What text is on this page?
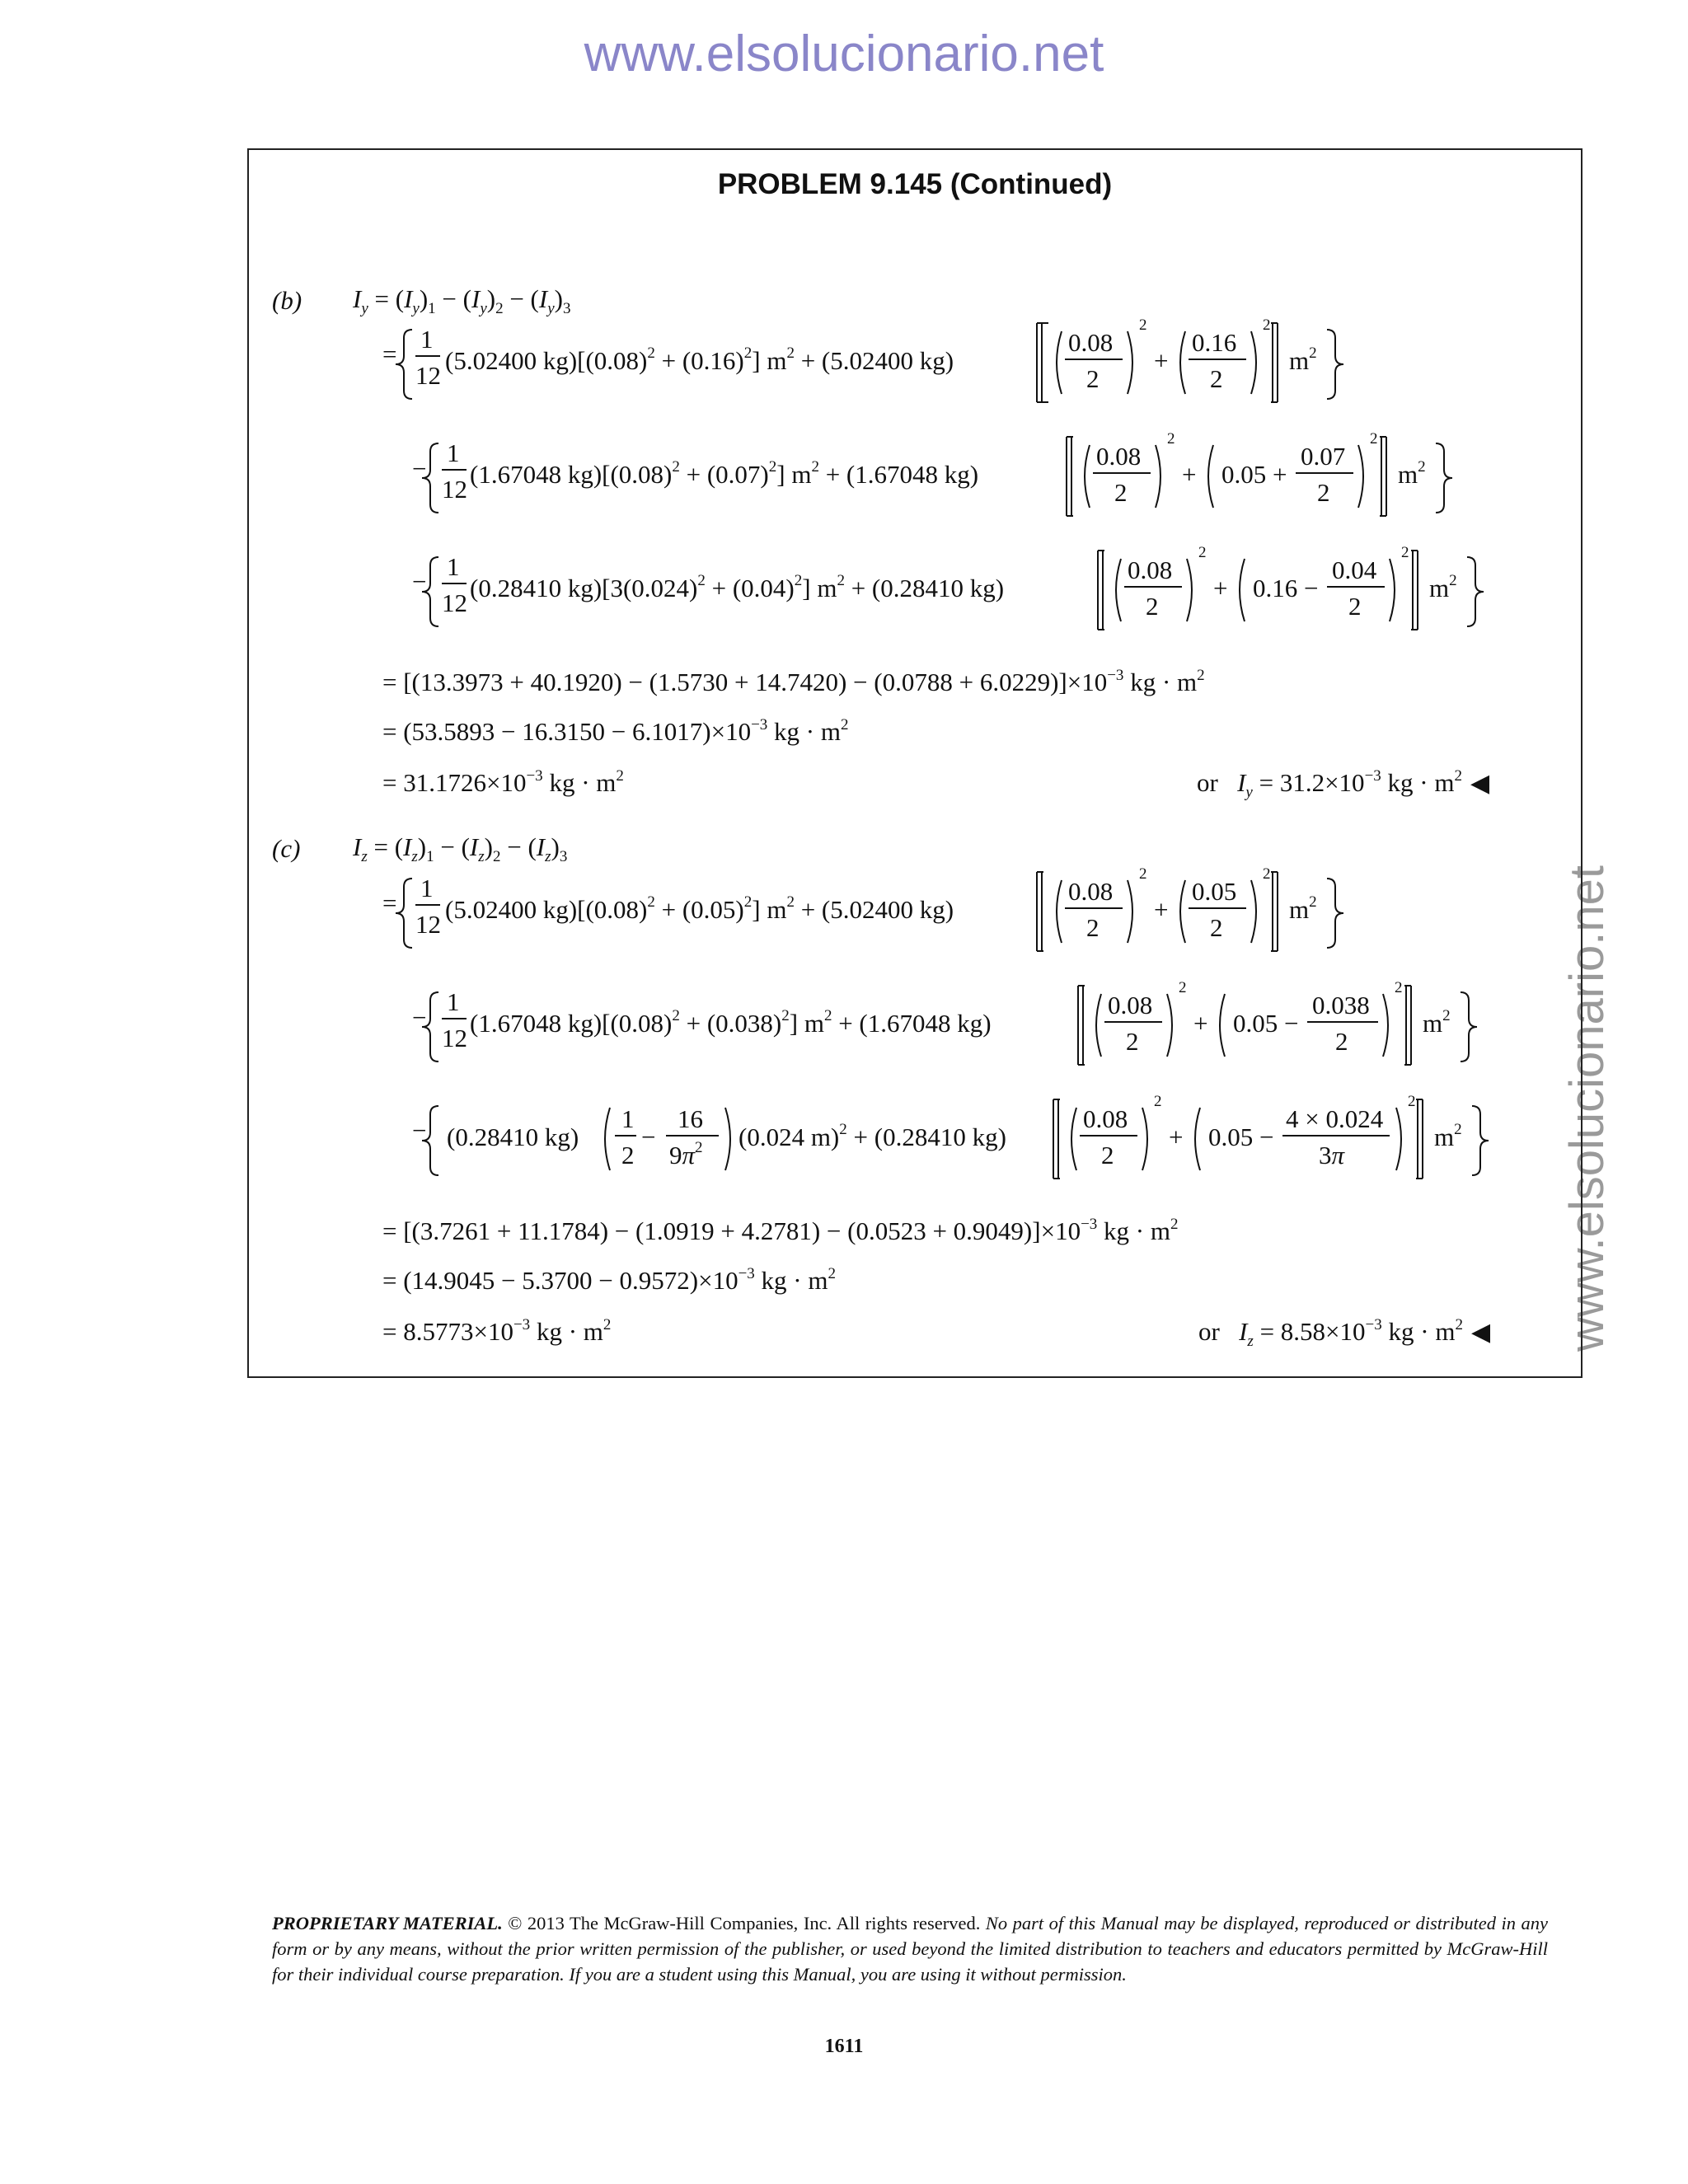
www.elsolucionario.net
www.elsolucionario.net
PROBLEM 9.145 (Continued)
(b) $I_y = (I_y)_1 - (I_y)_2 - (I_y)_3$
=
1
12
(5.02400 $kg)[(0.08)^2 + (0.16)^2] m^2 + (5.02400$ kg)
0.08
2
2
+
0.16
2
2
$m^2$
−
1
12
(1.67048 $kg)[(0.08)^2 + (0.07)^2] m^2 + (1.67048$ kg)
0.08
2
2
+ 0.05 +
0.07
2
2
$m^2$
−
1
12
(0.28410 $kg)[3(0.024)^2 + (0.04)^2] m^2 + (0.28410$ kg)
0.08
2
2
+ 0.16 −
0.04
2
2
$m^2$
= $[(13.3973 + 40.1920) - (1.5730 + 14.7420) - (0.0788 + 6.0229)]\times 10^{-3}$ kg · $m^2$
= $(53.5893 - 16.3150 - 6.1017)\times 10^{-3}$ kg · $m^2$
= $31.1726\times 10^{-3}$ kg · $m^2$	or $I_y = 31.2\times 10^{-3}$ kg · $m^2$ ◀
(c) $I_z = (I_z)_1 - (I_z)_2 - (I_z)_3$
=
1
12
(5.02400 $kg)[(0.08)^2 + (0.05)^2] m^2 + (5.02400$ kg)
0.08
2
2
+
0.05
2
2
$m^2$
−
1
12
(1.67048 $kg)[(0.08)^2 + (0.038)^2] m^2 + (1.67048$ kg)
0.08
2
2
+ 0.05 −
0.038
2
2
$m^2$
− (0.28410 kg)
1
2
−
16
$9\pi^2$ (0.024 m)$^2$ + (0.28410 kg)
0.08
2
2
+ 0.05 −
4 × 0.024
3π
2
$m^2$
= $[(3.7261 + 11.1784) - (1.0919 + 4.2781) - (0.0523 + 0.9049)]\times 10^{-3}$ kg · $m^2$
= $(14.9045 - 5.3700 - 0.9572)\times 10^{-3}$ kg · $m^2$
= $8.5773\times 10^{-3}$ kg · $m^2$	or $I_z = 8.58\times 10^{-3}$ kg · $m^2$ ◀
PROPRIETARY MATERIAL. © 2013 The McGraw-Hill Companies, Inc. All rights reserved. No part of this Manual may be displayed, reproduced or distributed in any form or by any means, without the prior written permission of the publisher, or used beyond the limited distribution to teachers and educators permitted by McGraw-Hill for their individual course preparation. If you are a student using this Manual, you are using it without permission.
1611
